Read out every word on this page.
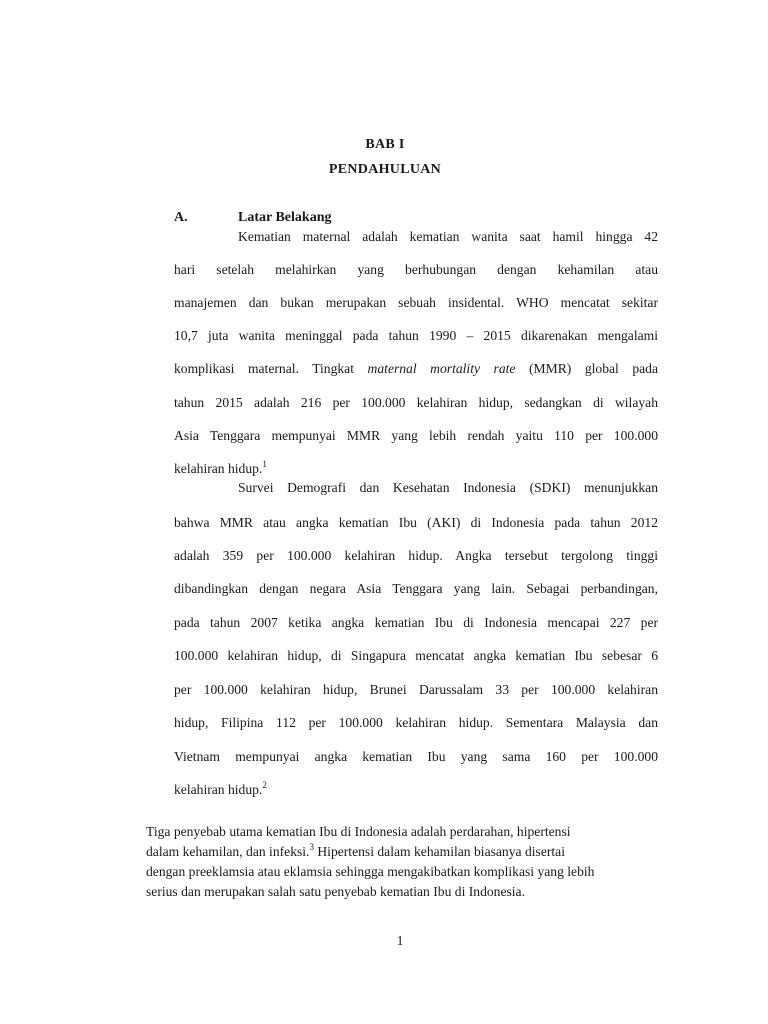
BAB I
PENDAHULUAN
A.	Latar Belakang
Kematian maternal adalah kematian wanita saat hamil hingga 42
hari setelah melahirkan yang berhubungan dengan kehamilan atau
manajemen dan bukan merupakan sebuah insidental. WHO mencatat sekitar
10,7 juta wanita meninggal pada tahun 1990 – 2015 dikarenakan mengalami
komplikasi maternal. Tingkat maternal mortality rate (MMR) global pada
tahun 2015 adalah 216 per 100.000 kelahiran hidup, sedangkan di wilayah
Asia Tenggara mempunyai MMR yang lebih rendah yaitu 110 per 100.000
kelahiran hidup.$^1$
Survei Demografi dan Kesehatan Indonesia (SDKI) menunjukkan
bahwa MMR atau angka kematian Ibu (AKI) di Indonesia pada tahun 2012
adalah 359 per 100.000 kelahiran hidup. Angka tersebut tergolong tinggi
dibandingkan dengan negara Asia Tenggara yang lain. Sebagai perbandingan,
pada tahun 2007 ketika angka kematian Ibu di Indonesia mencapai 227 per
100.000 kelahiran hidup, di Singapura mencatat angka kematian Ibu sebesar 6
per 100.000 kelahiran hidup, Brunei Darussalam 33 per 100.000 kelahiran
hidup, Filipina 112 per 100.000 kelahiran hidup. Sementara Malaysia dan
Vietnam mempunyai angka kematian Ibu yang sama 160 per 100.000
kelahiran hidup.$^2$
Tiga penyebab utama kematian Ibu di Indonesia adalah perdarahan, hipertensi
dalam kehamilan, dan infeksi.$^3$ Hipertensi dalam kehamilan biasanya disertai
dengan preeklamsia atau eklamsia sehingga mengakibatkan komplikasi yang lebih
serius dan merupakan salah satu penyebab kematian Ibu di Indonesia.
1
